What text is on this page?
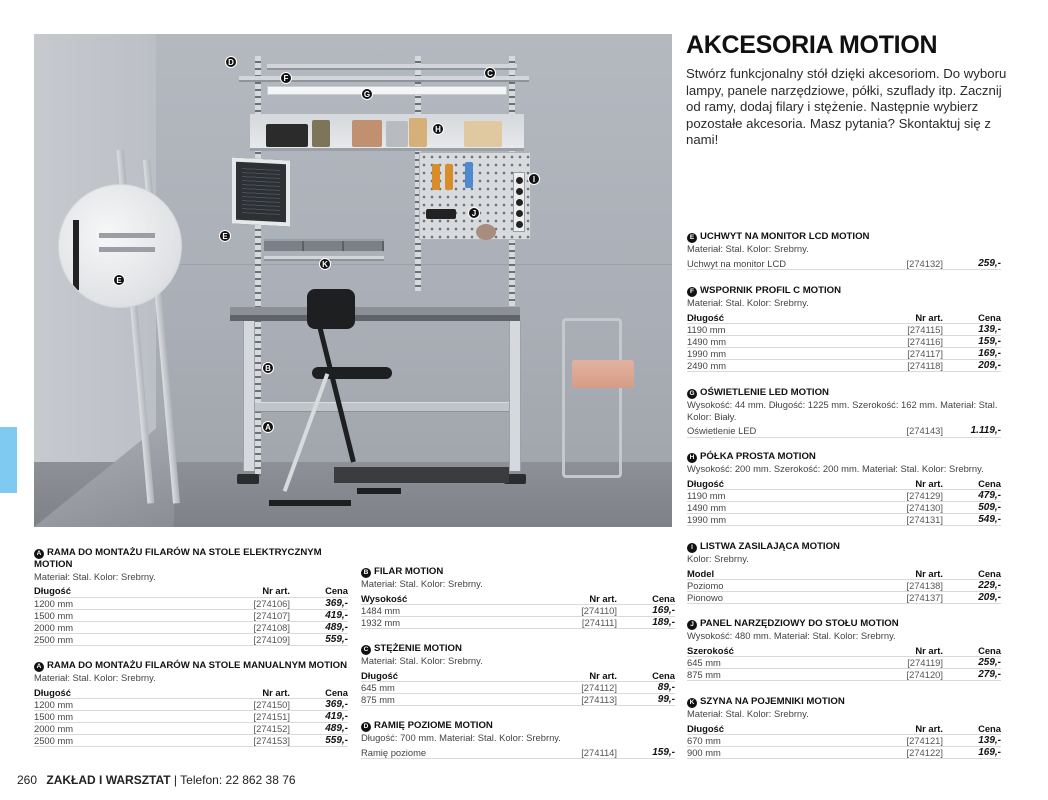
D
F
C
G
H
I
J
E
K
B
A
E
AKCESORIA MOTION

Stwórz funkcjonalny stół dzięki akcesoriom. Do wyboru lampy, panele narzędziowe, półki, szuflady itp. Zacznij od ramy, dodaj filary i stężenie. Następnie wybierz pozostałe akcesoria. Masz pytania? Skontaktuj się z nami!

E UCHWYT NA MONITOR LCD MOTION
Materiał: Stal. Kolor: Srebrny.
Uchwyt na monitor LCD	[274132]	259,-
F WSPORNIK PROFIL C MOTION
Materiał: Stal. Kolor: Srebrny.
Długość	Nr art.	Cena
1190 mm	[274115]	139,-
1490 mm	[274116]	159,-
1990 mm	[274117]	169,-
2490 mm	[274118]	209,-
G OŚWIETLENIE LED MOTION
Wysokość: 44 mm. Długość: 1225 mm. Szerokość: 162 mm. Materiał: Stal. Kolor: Biały.
Oświetlenie LED	[274143]	1.119,-
H PÓŁKA PROSTA MOTION
Wysokość: 200 mm. Szerokość: 200 mm. Materiał: Stal. Kolor: Srebrny.
Długość	Nr art.	Cena
1190 mm	[274129]	479,-
1490 mm	[274130]	509,-
1990 mm	[274131]	549,-
I LISTWA ZASILAJĄCA MOTION
Kolor: Srebrny.
Model	Nr art.	Cena
Poziomo	[274138]	229,-
Pionowo	[274137]	209,-
J PANEL NARZĘDZIOWY DO STOŁU MOTION
Wysokość: 480 mm. Materiał: Stal. Kolor: Srebrny.
Szerokość	Nr art.	Cena
645 mm	[274119]	259,-
875 mm	[274120]	279,-
K SZYNA NA POJEMNIKI MOTION
Materiał: Stal. Kolor: Srebrny.
Długość	Nr art.	Cena
670 mm	[274121]	139,-
900 mm	[274122]	169,-
A RAMA DO MONTAŻU FILARÓW NA STOLE ELEKTRYCZNYM MOTION
Materiał: Stal. Kolor: Srebrny.
Długość	Nr art.	Cena
1200 mm	[274106]	369,-
1500 mm	[274107]	419,-
2000 mm	[274108]	489,-
2500 mm	[274109]	559,-
A RAMA DO MONTAŻU FILARÓW NA STOLE MANUALNYM MOTION
Materiał: Stal. Kolor: Srebrny.
Długość	Nr art.	Cena
1200 mm	[274150]	369,-
1500 mm	[274151]	419,-
2000 mm	[274152]	489,-
2500 mm	[274153]	559,-
B FILAR MOTION
Materiał: Stal. Kolor: Srebrny.
Wysokość	Nr art.	Cena
1484 mm	[274110]	169,-
1932 mm	[274111]	189,-
C STĘŻENIE MOTION
Materiał: Stal. Kolor: Srebrny.
Długość	Nr art.	Cena
645 mm	[274112]	89,-
875 mm	[274113]	99,-
D RAMIĘ POZIOME MOTION
Długość: 700 mm. Materiał: Stal. Kolor: Srebrny.
Ramię poziome	[274114]	159,-
260 ZAKŁAD I WARSZTAT | Telefon: 22 862 38 76
